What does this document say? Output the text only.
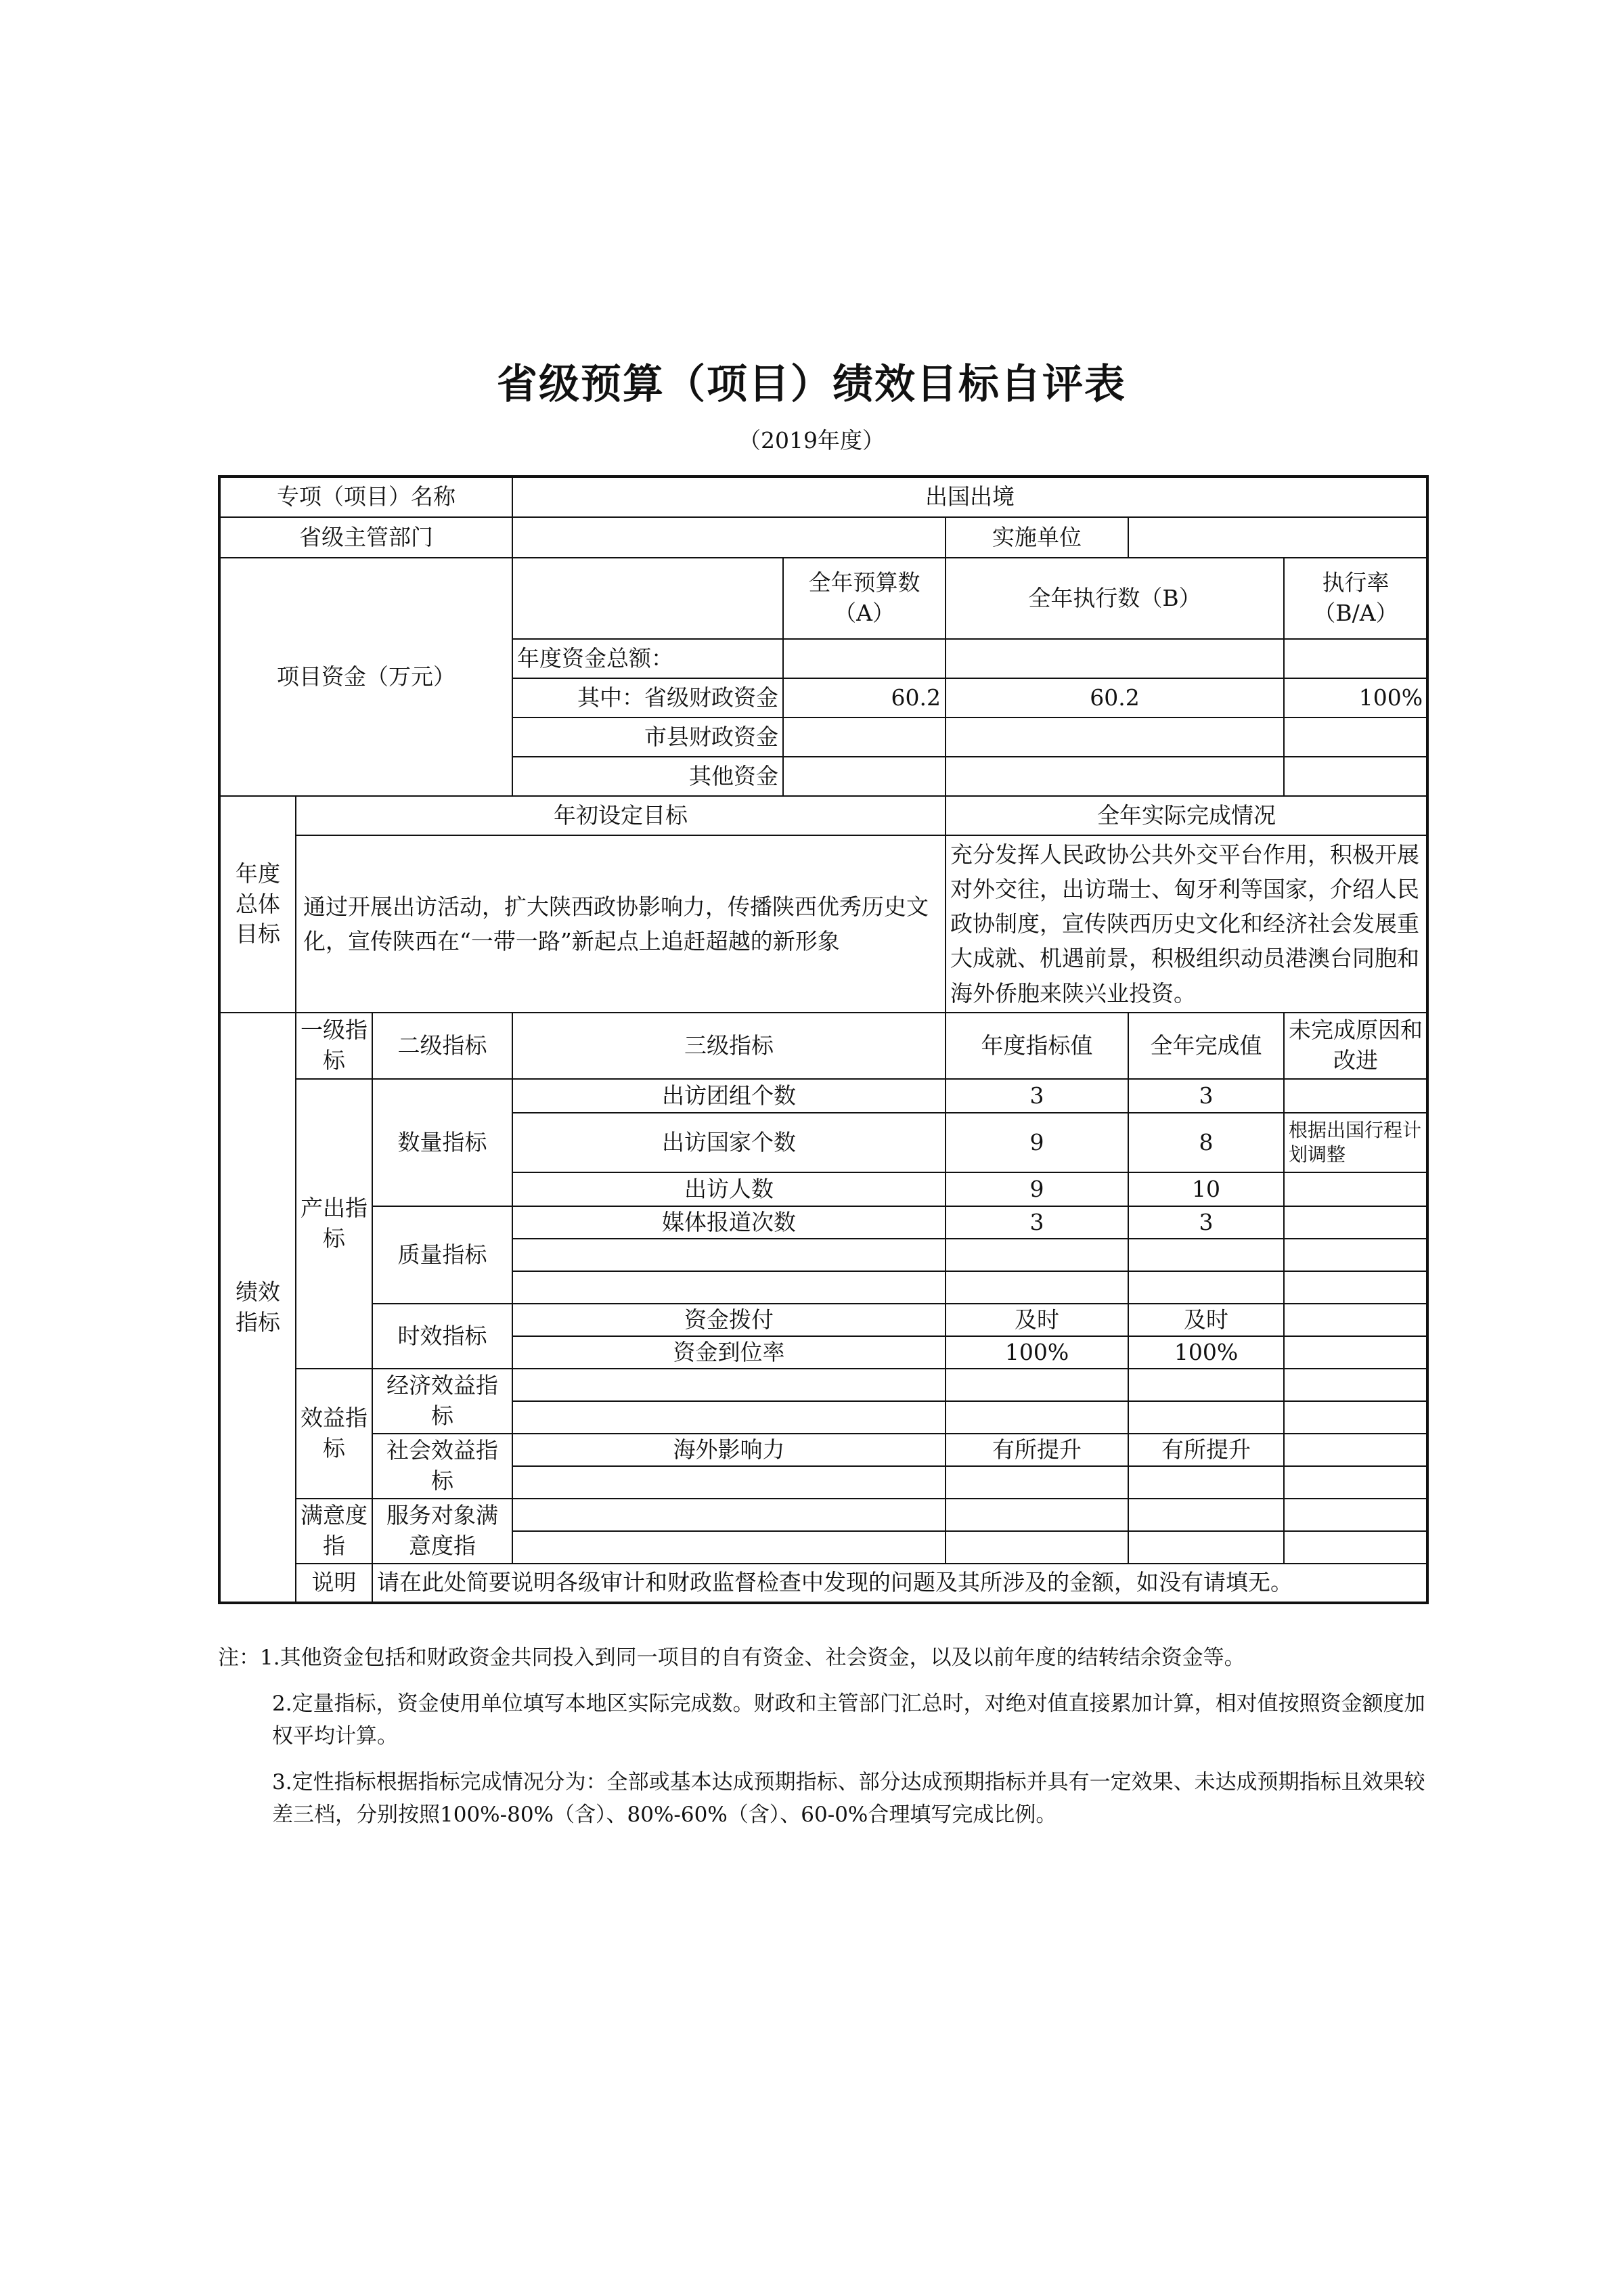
省级预算（项目）绩效目标自评表
（2019年度）
专项（项目）名称			出国出境				
省级主管部门					实施单位		
项目资金（万元）				全年预算数（A）	全年执行数（B）		执行率（B/A）
			年度资金总额：				
			其中：省级财政资金	60.2	60.2		100%
			市县财政资金				
			其他资金				
年度总体目标	年初设定目标				全年实际完成情况		
	通过开展出访活动，扩大陕西政协影响力，传播陕西优秀历史文化，宣传陕西在“一带一路”新起点上追赶超越的新形象				充分发挥人民政协公共外交平台作用，积极开展对外交往，出访瑞士、匈牙利等国家，介绍人民政协制度，宣传陕西历史文化和经济社会发展重大成就、机遇前景，积极组织动员港澳台同胞和海外侨胞来陕兴业投资。		
绩效指标	一级指标	二级指标	三级指标		年度指标值	全年完成值	未完成原因和改进
	产出指标	数量指标	出访团组个数		3	3	
			出访国家个数		9	8	根据出国行程计划调整
			出访人数		9	10	
		质量指标	媒体报道次数		3	3	

		时效指标	资金拨付		及时	及时	
			资金到位率		100%	100%	
	效益指标	经济效益指标					

		社会效益指标	海外影响力		有所提升	有所提升	

	满意度指	服务对象满意度指					

	说明	请在此处简要说明各级审计和财政监督检查中发现的问题及其所涉及的金额，如没有请填无。					

注：1.其他资金包括和财政资金共同投入到同一项目的自有资金、社会资金，以及以前年度的结转结余资金等。

2.定量指标，资金使用单位填写本地区实际完成数。财政和主管部门汇总时，对绝对值直接累加计算，相对值按照资金额度加权平均计算。

3.定性指标根据指标完成情况分为：全部或基本达成预期指标、部分达成预期指标并具有一定效果、未达成预期指标且效果较差三档，分别按照100%-80%（含）、80%-60%（含）、60-0%合理填写完成比例。
